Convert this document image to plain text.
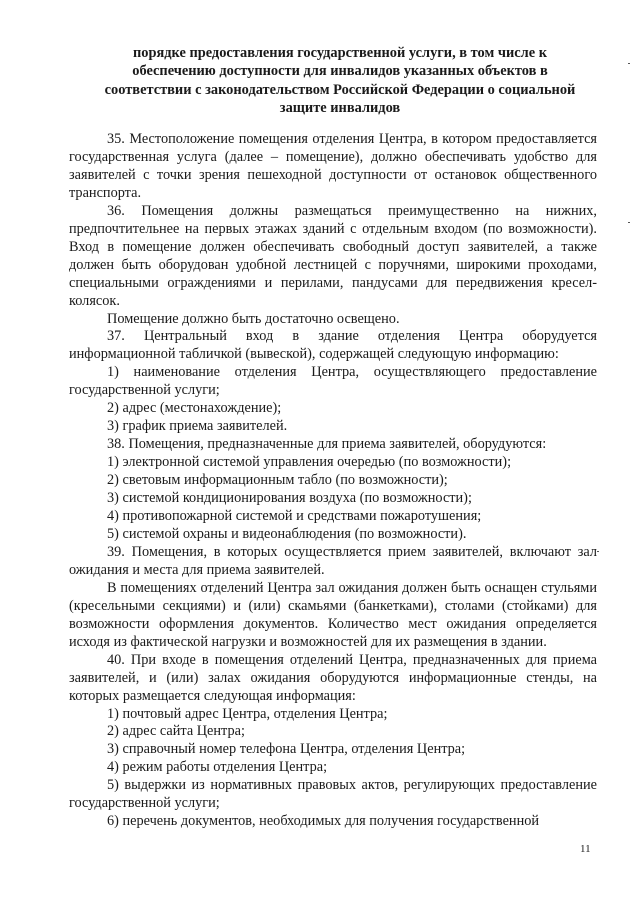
порядке предоставления государственной услуги, в том числе к обеспечению доступности для инвалидов указанных объектов в соответствии с законодательством Российской Федерации о социальной защите инвалидов

35. Местоположение помещения отделения Центра, в котором предоставляется государственная услуга (далее – помещение), должно обеспечивать удобство для заявителей с точки зрения пешеходной доступности от остановок общественного транспорта.

36. Помещения должны размещаться преимущественно на нижних, предпочтительнее на первых этажах зданий с отдельным входом (по возможности). Вход в помещение должен обеспечивать свободный доступ заявителей, а также должен быть оборудован удобной лестницей с поручнями, широкими проходами, специальными ограждениями и перилами, пандусами для передвижения кресел-колясок.

Помещение должно быть достаточно освещено.

37. Центральный вход в здание отделения Центра оборудуется информационной табличкой (вывеской), содержащей следующую информацию:

1) наименование отделения Центра, осуществляющего предоставление государственной услуги;

2) адрес (местонахождение);

3) график приема заявителей.

38. Помещения, предназначенные для приема заявителей, оборудуются:

1) электронной системой управления очередью (по возможности);

2) световым информационным табло (по возможности);

3) системой кондиционирования воздуха (по возможности);

4) противопожарной системой и средствами пожаротушения;

5) системой охраны и видеонаблюдения (по возможности).

39. Помещения, в которых осуществляется прием заявителей, включают зал ожидания и места для приема заявителей.

В помещениях отделений Центра зал ожидания должен быть оснащен стульями (кресельными секциями) и (или) скамьями (банкетками), столами (стойками) для возможности оформления документов. Количество мест ожидания определяется исходя из фактической нагрузки и возможностей для их размещения в здании.

40. При входе в помещения отделений Центра, предназначенных для приема заявителей, и (или) залах ожидания оборудуются информационные стенды, на которых размещается следующая информация:

1) почтовый адрес Центра, отделения Центра;

2) адрес сайта Центра;

3) справочный номер телефона Центра, отделения Центра;

4) режим работы отделения Центра;

5) выдержки из нормативных правовых актов, регулирующих предоставление государственной услуги;

6) перечень документов, необходимых для получения государственной

11
